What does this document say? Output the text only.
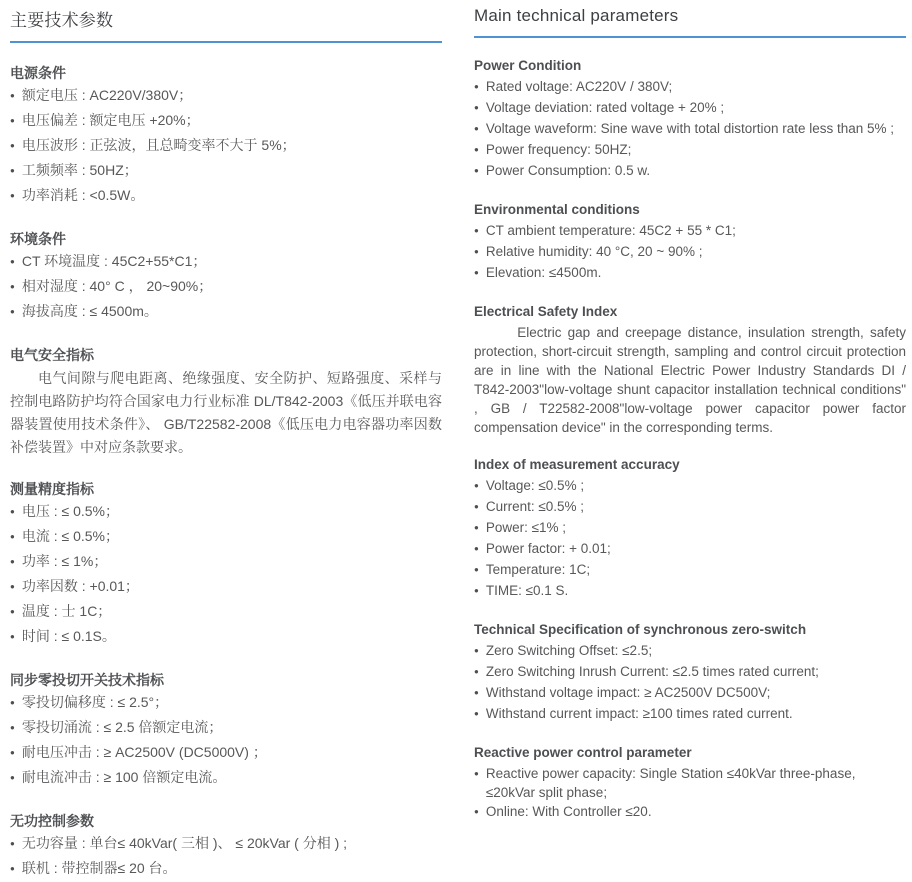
主要技术参数
电源条件
● 额定电压 : AC220V/380V；
● 电压偏差 : 额定电压 +20%；
● 电压波形 : 正弦波，且总畸变率不大于 5%；
● 工频频率 : 50HZ；
● 功率消耗 : <0.5W。
环境条件
● CT 环境温度 : 45C2+55*C1；
● 相对湿度 : 40° C ， 20~90%；
● 海拔高度 : ≤ 4500m。
电气安全指标

电气间隙与爬电距离、绝缘强度、安全防护、短路强度、采样与控制电路防护均符合国家电力行业标准 DL/T842-2003《低压并联电容器装置使用技术条件》、 GB/T22582-2008《低压电力电容器功率因数补偿装置》中对应条款要求。

测量精度指标
● 电压 : ≤ 0.5%；
● 电流 : ≤ 0.5%；
● 功率 : ≤ 1%；
● 功率因数 : +0.01；
● 温度 : 士 1C；
● 时间 : ≤ 0.1S。
同步零投切开关技术指标
● 零投切偏移度 : ≤ 2.5°；
● 零投切涌流 : ≤ 2.5 倍额定电流；
● 耐电压冲击 : ≥ AC2500V (DC5000V) ；
● 耐电流冲击 : ≥ 100 倍额定电流。
无功控制参数
● 无功容量 : 单台≤ 40kVar( 三相 )、 ≤ 20kVar ( 分相 ) ;
● 联机 : 带控制器≤ 20 台。
Main technical parameters
Power Condition
● Rated voltage: AC220V / 380V;
● Voltage deviation: rated voltage + 20% ;
● Voltage waveform: Sine wave with total distortion rate less than 5% ;
● Power frequency: 50HZ;
● Power Consumption: 0.5 w.
Environmental conditions
● CT ambient temperature: 45C2 + 55 * C1;
● Relative humidity: 40 °C, 20 ~ 90% ;
● Elevation: ≤4500m.
Electrical Safety Index

Electric gap and creepage distance, insulation strength, safety protection, short-circuit strength, sampling and control circuit protection are in line with the National Electric Power Industry Standards DI / T842-2003"low-voltage shunt capacitor installation technical conditions" , GB / T22582-2008"low-voltage power capacitor power factor compensation device" in the corresponding terms.

Index of measurement accuracy
● Voltage: ≤0.5% ;
● Current: ≤0.5% ;
● Power: ≤1% ;
● Power factor: + 0.01;
● Temperature: 1C;
● TIME: ≤0.1 S.
Technical Specification of synchronous zero-switch
● Zero Switching Offset: ≤2.5;
● Zero Switching Inrush Current: ≤2.5 times rated current;
● Withstand voltage impact: ≥ AC2500V DC500V;
● Withstand current impact: ≥100 times rated current.
Reactive power control parameter
● Reactive power capacity: Single Station ≤40kVar three-phase, ≤20kVar split phase;
● Online: With Controller ≤20.
